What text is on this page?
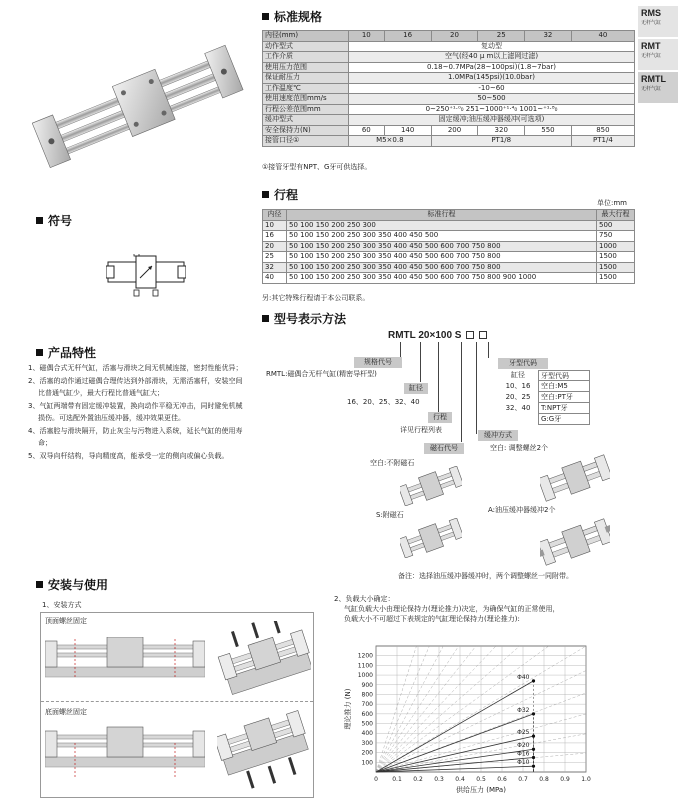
RMS
无杆气缸
RMT
无杆气缸
RMTL
无杆气缸
标准规格
内径(mm)	10	16	20	25	32	40
动作型式	复动型					
工作介质	空气(经40 μ m以上滤网过滤)					
使用压力范围	0.18~0.7MPa(28~100psi)(1.8~7bar)					
保证耐压力	1.0MPa(145psi)(10.0bar)					
工作温度℃	-10~60					
使用速度范围mm/s	50~500					
行程公差范围mm	0~250⁺¹·⁰₀ 251~1000⁺¹·⁴₀ 1001~⁺¹·⁸₀					
缓冲型式	固定缓冲;油压缓冲器缓冲(可选项)					
安全保持力(N)	60	140	200	320	550	850
接管口径①	M5×0.8		PT1/8			PT1/4
①接管牙型有NPT、G牙可供选择。
行程
单位:mm
内径	标准行程	最大行程
10	50 100 150 200 250 300	500
16	50 100 150 200 250 300 350 400 450 500	750
20	50 100 150 200 250 300 350 400 450 500 600 700 750 800	1000
25	50 100 150 200 250 300 350 400 450 500 600 700 750 800	1500
32	50 100 150 200 250 300 350 400 450 500 600 700 750 800	1500
40	50 100 150 200 250 300 350 400 450 500 600 700 750 800 900 1000	1500
另:其它特殊行程请于本公司联系。
符号
产品特性
1、磁偶合式无杆气缸，活塞与滑块之间无机械连接，密封性能优异；
2、活塞的动作通过磁偶合理传达到外部滑块，无需活塞杆，安装空间比普通气缸少，最大行程比普通气缸大；
3、气缸两端带有固定缓冲装置，换向动作平稳无冲击，同时避免机械损伤。可选配外置油压缓冲器，缓冲效果更佳。
4、活塞腔与滑块隔开，防止灰尘与污物进入系统，延长气缸的使用寿命；
5、双导向杆结构，导向精度高，能承受一定的侧向或偏心负载。
型号表示方法
RMTL 20×100 S
规格代号
RMTL:磁偶合无杆气缸(精密导杆型)
缸径
16、20、25、32、40
行程
详见行程列表
磁石代号
空白:不附磁石
S:附磁石
缓冲方式
空白: 调整螺丝2个
A:油压缓冲器缓冲2个
牙型代码
缸径	牙型代码
10、16	空白:M5
20、25	空白:PT牙
32、40	T:NPT牙
G:G牙
备注：选择油压缓冲器缓冲时，两个调整螺丝一同附带。
安装与使用
1、安装方式
顶面螺丝固定
底面螺丝固定
2、负载大小确定：
气缸负载大小由理论保持力(理论推力)决定，为确保气缸的正常使用，
负载大小不可超过下表规定的气缸理论保持力(理论推力):
100
200
300
400
500
600
700
800
900
1000
1100
1200
0 0.1 0.2 0.3 0.4 0.5 0.6 0.7 0.8 0.9 1.0
Φ40
Φ32
Φ25
Φ20
Φ16
Φ10
供给压力 (MPa)
理论推力 (N)
